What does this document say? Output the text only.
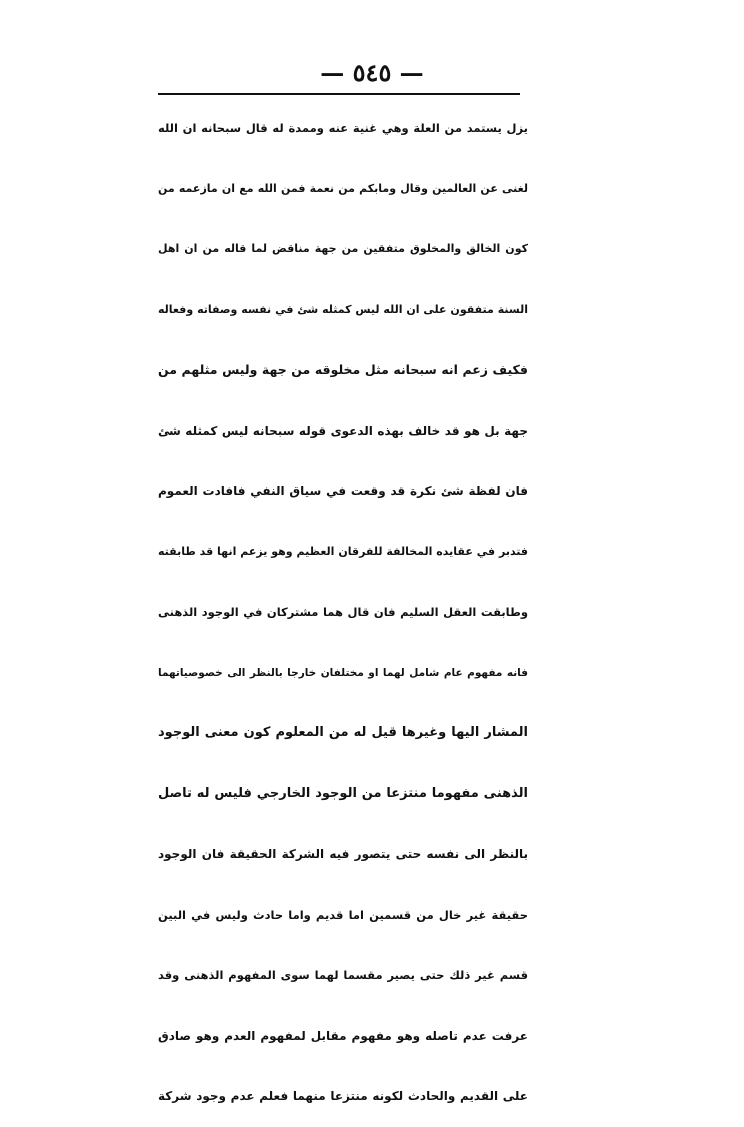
— ٥٤٥ —
يزل يستمد من العلة وهي غنية عنه وممدة له قال سبحانه ان الله
لغنى عن العالمين وقال ومابكم من نعمة فمن الله مع ان مازعمه من
كون الخالق والمخلوق متفقين من جهة مناقض لما قاله من ان اهل
السنة متفقون على ان الله ليس كمثله شئ في نفسه وصفاته وفعاله
فكيف زعم انه سبحانه مثل مخلوقه من جهة وليس مثلهم من
جهة بل هو قد خالف بهذه الدعوى قوله سبحانه ليس كمثله شئ
فان لفظة شئ نكرة قد وقعت في سياق النفي فافادت العموم
فتدبر في عقايده المخالفة للفرقان العظيم وهو يزعم انها قد طابقته
وطابقت العقل السليم فان قال هما مشتركان في الوجود الذهنى
فانه مفهوم عام شامل لهما او مختلفان خارجا بالنظر الى خصوصياتهما
المشار اليها وغيرها قيل له من المعلوم كون معنى الوجود
الذهنى مفهوما منتزعا من الوجود الخارجي فليس له تاصل
بالنظر الى نفسه حتى يتصور فيه الشركة الحقيقة فان الوجود
حقيقة غير خال من قسمين اما قديم واما حادث وليس في البين
قسم غير ذلك حتى يصير مقسما لهما سوى المفهوم الذهنى وقد
عرفت عدم تاصله وهو مفهوم مقابل لمفهوم العدم وهو صادق
على القديم والحادث لكونه منتزعا منهما فعلم عدم وجود شركة
